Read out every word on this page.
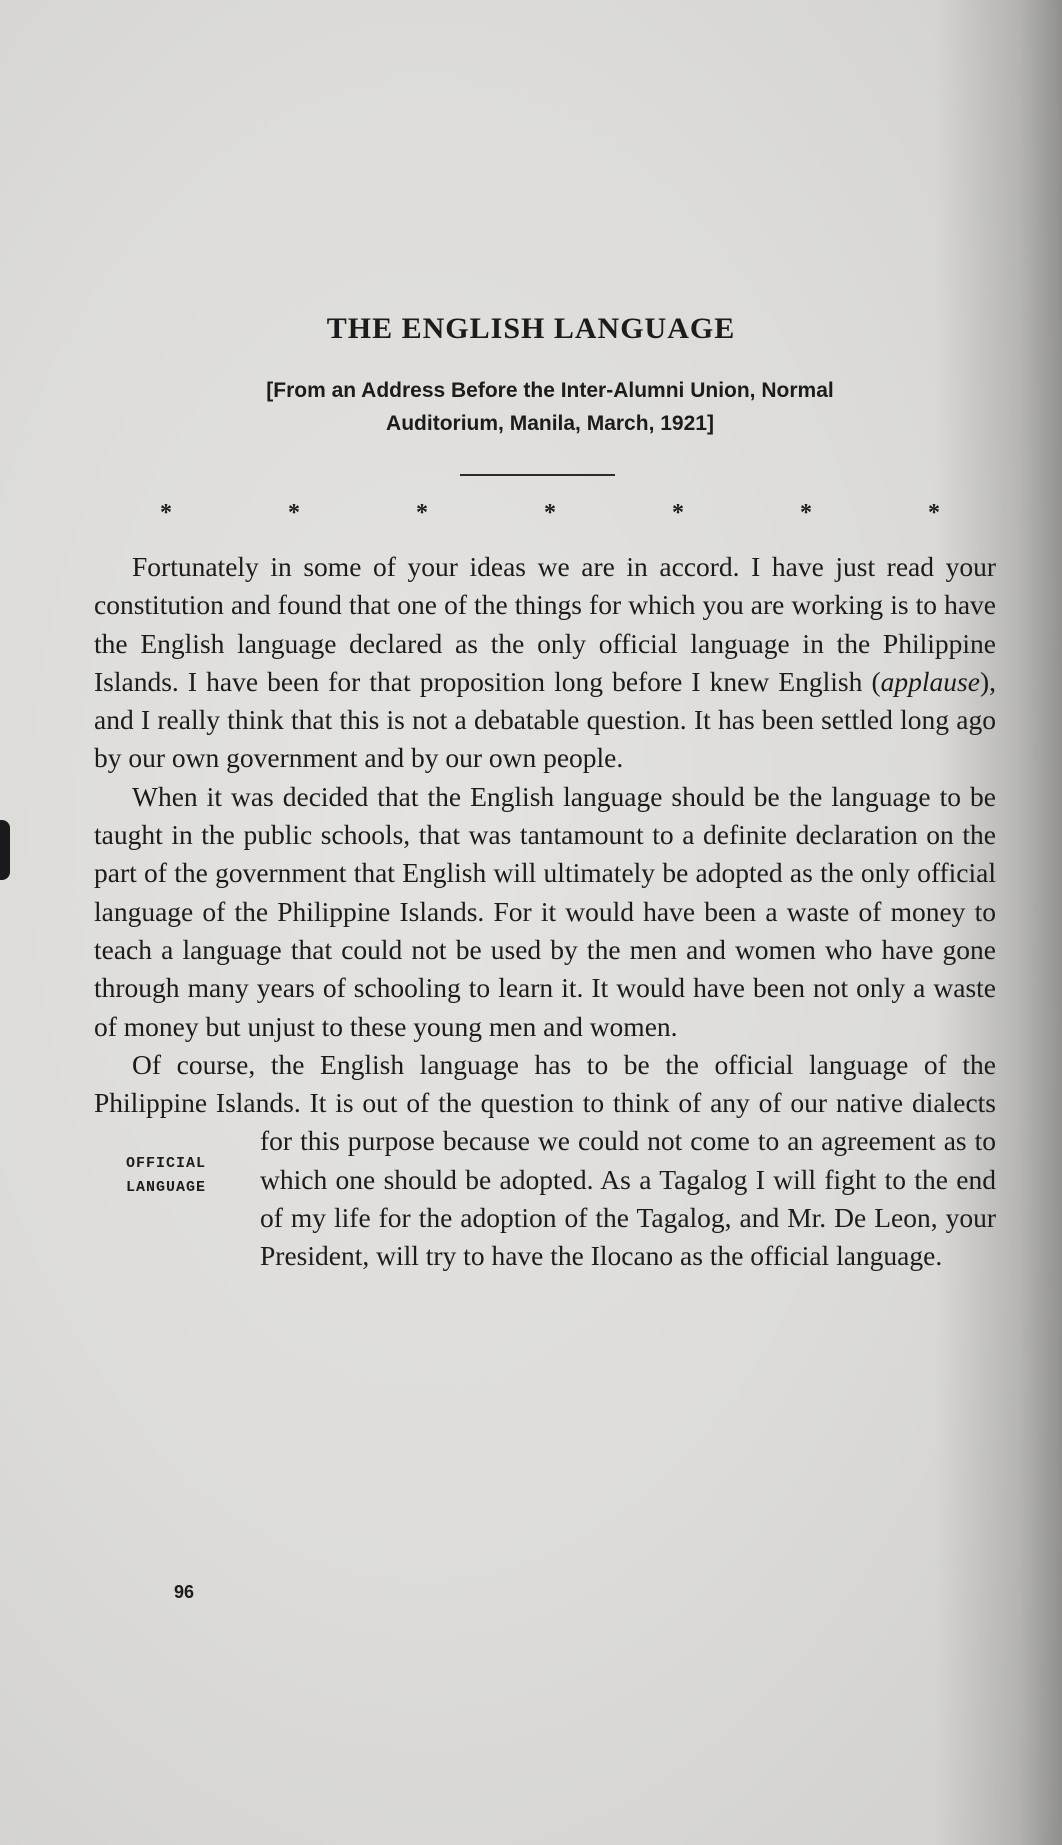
THE ENGLISH LANGUAGE
[From an Address Before the Inter-Alumni Union, Normal
Auditorium, Manila, March, 1921]
*	*	*	*	*	*	*

Fortunately in some of your ideas we are in accord. I have just read your constitution and found that one of the things for which you are working is to have the English language declared as the only official language in the Philippine Islands. I have been for that proposition long before I knew English (applause), and I really think that this is not a debatable question. It has been settled long ago by our own government and by our own people.

When it was decided that the English language should be the language to be taught in the public schools, that was tantamount to a definite declaration on the part of the government that English will ultimately be adopted as the only official language of the Philippine Islands. For it would have been a waste of money to teach a language that could not be used by the men and women who have gone through many years of schooling to learn it. It would have been not only a waste of money but unjust to these young men and women.

Of course, the English language has to be the official language of the Philippine Islands. It is out of the question to think of any of our native dialects for this purpose
OFFICIAL
LANGUAGE
because we could not come to an agreement as to which one should be adopted. As a Tagalog I will fight to the end of my life for the adoption of the Tagalog, and Mr. De Leon, your President, will try to have the Ilocano as the official language.

96
